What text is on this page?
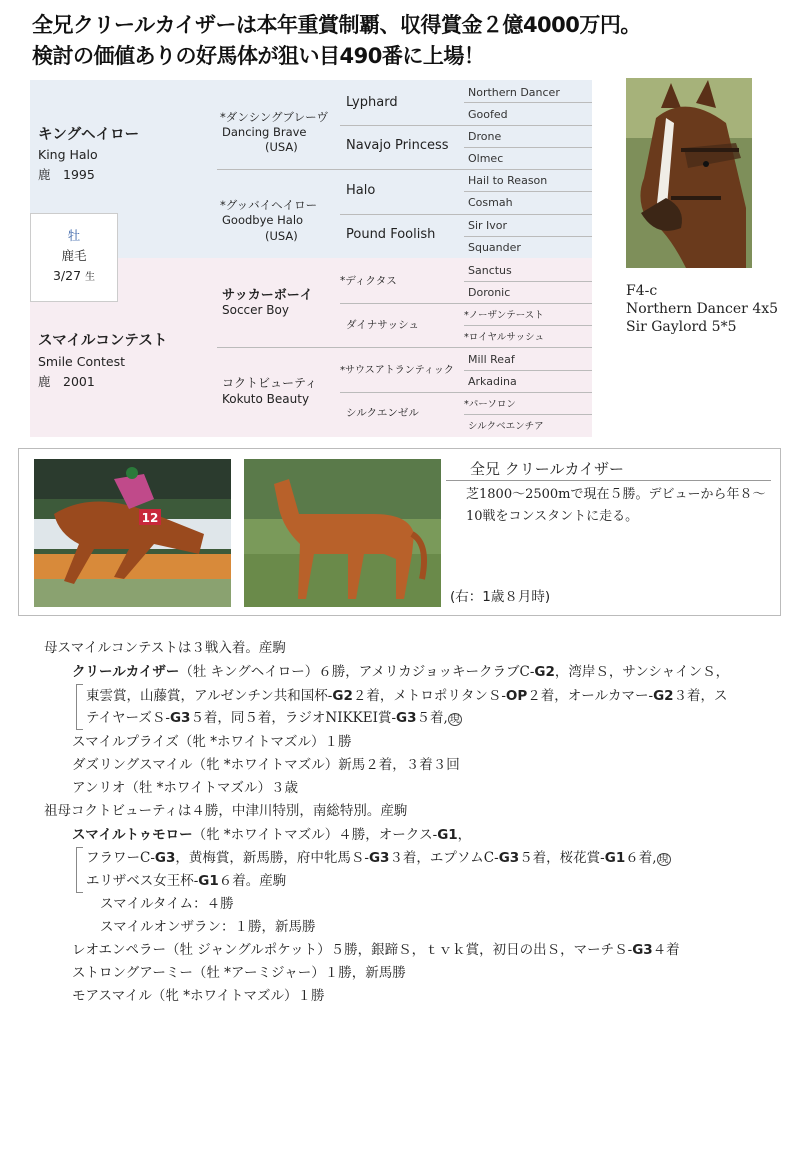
全兄クリールカイザーは本年重賞制覇、収得賞金２億4000万円。
検討の価値ありの好馬体が狙い目490番に上場！
キングヘイロー
King Halo
鹿　1995
スマイルコンテスト
Smile Contest
鹿　2001
*ダンシングブレーヴ
Dancing Brave
(USA)
*グッバイヘイロー
Goodbye Halo
(USA)
サッカーボーイ
Soccer Boy
コクトビューティ
Kokuto Beauty
Lyphard
Navajo Princess
Halo
Pound Foolish
*ディクタス
ダイナサッシュ
*サウスアトランティック
シルクエンゼル
Northern Dancer
Goofed
Drone
Olmec
Hail to Reason
Cosmah
Sir Ivor
Squander
Sanctus
Doronic
*ノーザンテースト
*ロイヤルサッシュ
Mill Reaf
Arkadina
*パーソロン
シルクベエンチア
牡
鹿毛
3/27 生
F4-c
Northern Dancer 4x5
Sir Gaylord 5*5
12
全兄 クリールカイザー
芝1800〜2500mで現在５勝。デビューから年８〜10戦をコンスタントに走る。
(右：1歳８月時)
母スマイルコンテストは３戦入着。産駒
クリールカイザー（牡 キングヘイロー）６勝，アメリカジョッキークラブC-G2，湾岸Ｓ，サンシャインＳ，
東雲賞，山藤賞，アルゼンチン共和国杯-G2２着，メトロポリタンＳ-OP２着，オールカマー-G2３着，ス
テイヤーズＳ-G3５着，同５着，ラジオNIKKEI賞-G3５着, 現
スマイルプライズ（牝 *ホワイトマズル）１勝
ダズリングスマイル（牝 *ホワイトマズル）新馬２着，３着３回
アンリオ（牡 *ホワイトマズル）３歳
祖母コクトビューティは４勝，中津川特別，南総特別。産駒
スマイルトゥモロー（牝 *ホワイトマズル）４勝，オークス-G1，
フラワーC-G3，黄梅賞，新馬勝，府中牝馬Ｓ-G3３着，エプソムC-G3５着，桜花賞-G1６着, 現
エリザベス女王杯-G1６着。産駒
スマイルタイム：４勝
スマイルオンザラン：１勝，新馬勝
レオエンペラー（牡 ジャングルポケット）５勝，銀蹄Ｓ，ｔｖｋ賞，初日の出Ｓ，マーチＳ-G3４着
ストロングアーミー（牡 *アーミジャー）１勝，新馬勝
モアスマイル（牝 *ホワイトマズル）１勝
